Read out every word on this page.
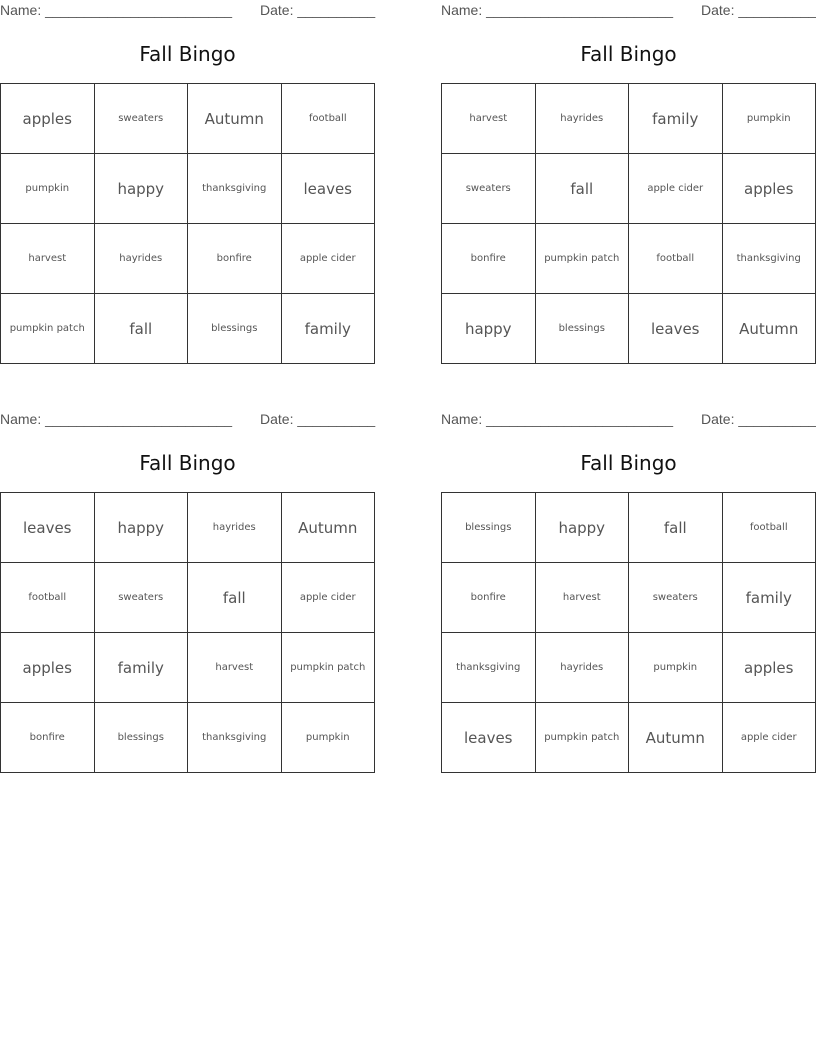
Name: ________________________ Date: __________
Fall Bingo
apples	sweaters	Autumn	football
pumpkin	happy	thanksgiving	leaves
harvest	hayrides	bonfire	apple cider
pumpkin patch	fall	blessings	family
Name: ________________________ Date: __________
Fall Bingo
harvest	hayrides	family	pumpkin
sweaters	fall	apple cider	apples
bonfire	pumpkin patch	football	thanksgiving
happy	blessings	leaves	Autumn
Name: ________________________ Date: __________
Fall Bingo
leaves	happy	hayrides	Autumn
football	sweaters	fall	apple cider
apples	family	harvest	pumpkin patch
bonfire	blessings	thanksgiving	pumpkin
Name: ________________________ Date: __________
Fall Bingo
blessings	happy	fall	football
bonfire	harvest	sweaters	family
thanksgiving	hayrides	pumpkin	apples
leaves	pumpkin patch	Autumn	apple cider
